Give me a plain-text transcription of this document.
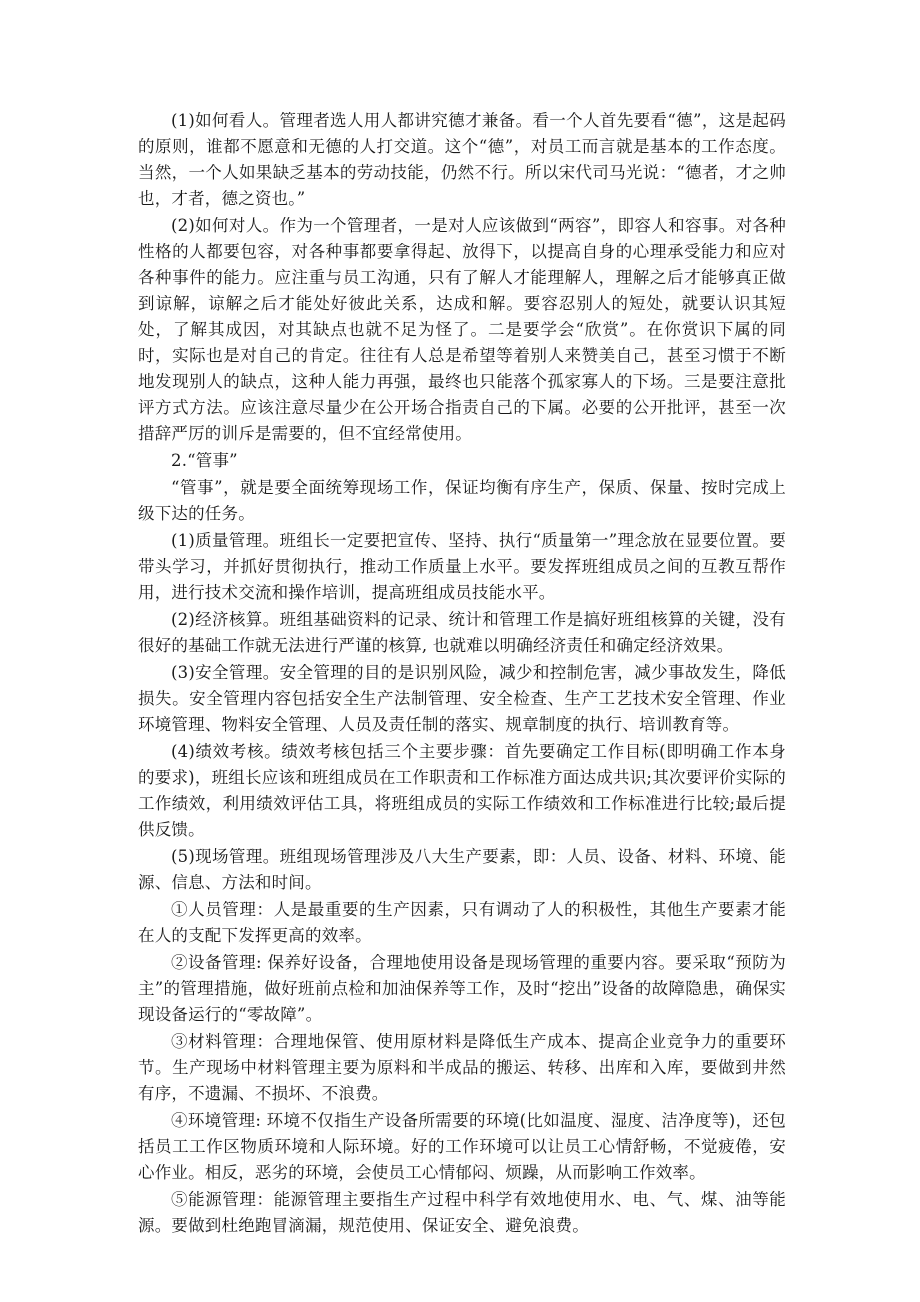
(1)如何看人。管理者选人用人都讲究德才兼备。看一个人首先要看“德”，这是起码的原则，谁都不愿意和无德的人打交道。这个“德”，对员工而言就是基本的工作态度。当然，一个人如果缺乏基本的劳动技能，仍然不行。所以宋代司马光说：“德者，才之帅也，才者，德之资也。”

(2)如何对人。作为一个管理者，一是对人应该做到“两容”，即容人和容事。对各种性格的人都要包容，对各种事都要拿得起、放得下，以提高自身的心理承受能力和应对各种事件的能力。应注重与员工沟通，只有了解人才能理解人，理解之后才能够真正做到谅解，谅解之后才能处好彼此关系，达成和解。要容忍别人的短处，就要认识其短处，了解其成因，对其缺点也就不足为怪了。二是要学会“欣赏”。在你赏识下属的同时，实际也是对自己的肯定。往往有人总是希望等着别人来赞美自己，甚至习惯于不断地发现别人的缺点，这种人能力再强，最终也只能落个孤家寡人的下场。三是要注意批评方式方法。应该注意尽量少在公开场合指责自己的下属。必要的公开批评，甚至一次措辞严厉的训斥是需要的，但不宜经常使用。

2.“管事”

“管事”，就是要全面统筹现场工作，保证均衡有序生产，保质、保量、按时完成上级下达的任务。

(1)质量管理。班组长一定要把宣传、坚持、执行“质量第一”理念放在显要位置。要带头学习，并抓好贯彻执行，推动工作质量上水平。要发挥班组成员之间的互教互帮作用，进行技术交流和操作培训，提高班组成员技能水平。

(2)经济核算。班组基础资料的记录、统计和管理工作是搞好班组核算的关键，没有很好的基础工作就无法进行严谨的核算, 也就难以明确经济责任和确定经济效果。

(3)安全管理。安全管理的目的是识别风险，减少和控制危害，减少事故发生，降低损失。安全管理内容包括安全生产法制管理、安全检查、生产工艺技术安全管理、作业环境管理、物料安全管理、人员及责任制的落实、规章制度的执行、培训教育等。

(4)绩效考核。绩效考核包括三个主要步骤：首先要确定工作目标(即明确工作本身的要求)，班组长应该和班组成员在工作职责和工作标准方面达成共识;其次要评价实际的工作绩效，利用绩效评估工具，将班组成员的实际工作绩效和工作标准进行比较;最后提供反馈。

(5)现场管理。班组现场管理涉及八大生产要素，即：人员、设备、材料、环境、能源、信息、方法和时间。

①人员管理：人是最重要的生产因素，只有调动了人的积极性，其他生产要素才能在人的支配下发挥更高的效率。

②设备管理: 保养好设备，合理地使用设备是现场管理的重要内容。要采取“预防为主”的管理措施，做好班前点检和加油保养等工作，及时“挖出”设备的故障隐患，确保实现设备运行的“零故障”。

③材料管理：合理地保管、使用原材料是降低生产成本、提高企业竞争力的重要环节。生产现场中材料管理主要为原料和半成品的搬运、转移、出库和入库，要做到井然有序，不遗漏、不损坏、不浪费。

④环境管理: 环境不仅指生产设备所需要的环境(比如温度、湿度、洁净度等)，还包括员工工作区物质环境和人际环境。好的工作环境可以让员工心情舒畅，不觉疲倦，安心作业。相反，恶劣的环境，会使员工心情郁闷、烦躁，从而影响工作效率。

⑤能源管理：能源管理主要指生产过程中科学有效地使用水、电、气、煤、油等能源。要做到杜绝跑冒滴漏，规范使用、保证安全、避免浪费。
